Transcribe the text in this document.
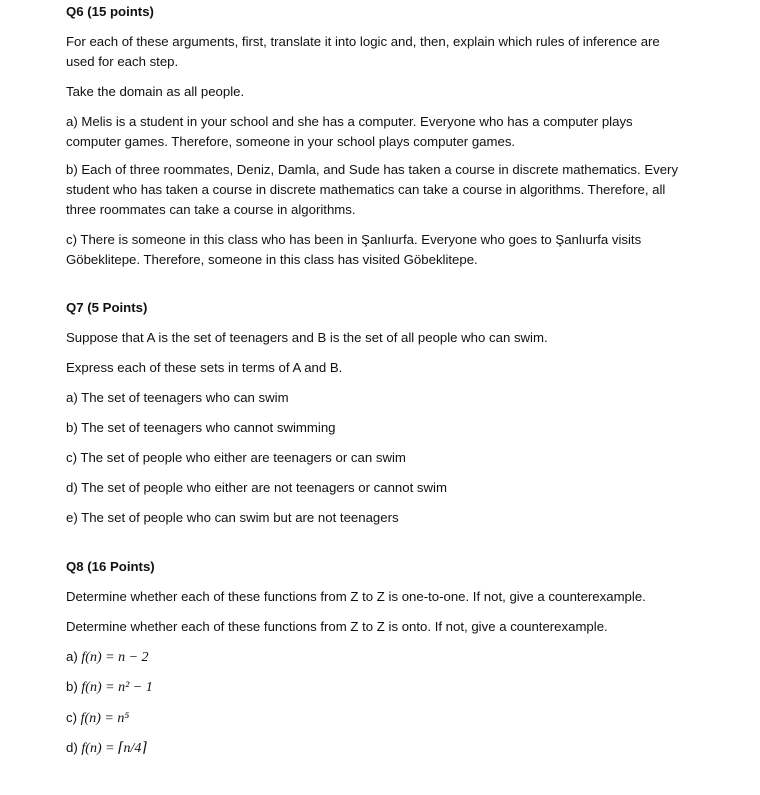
Q6 (15 points)
For each of these arguments, first, translate it into logic and, then, explain which rules of inference are used for each step.
Take the domain as all people.
a) Melis is a student in your school and she has a computer. Everyone who has a computer plays computer games. Therefore, someone in your school plays computer games.
b) Each of three roommates, Deniz, Damla, and Sude has taken a course in discrete mathematics. Every student who has taken a course in discrete mathematics can take a course in algorithms. Therefore, all three roommates can take a course in algorithms.
c) There is someone in this class who has been in Şanlıurfa. Everyone who goes to Şanlıurfa visits Göbeklitepe. Therefore, someone in this class has visited Göbeklitepe.
Q7 (5 Points)
Suppose that A is the set of teenagers and B is the set of all people who can swim.
Express each of these sets in terms of A and B.
a) The set of teenagers who can swim
b) The set of teenagers who cannot swimming
c) The set of people who either are teenagers or can swim
d) The set of people who either are not teenagers or cannot swim
e) The set of people who can swim but are not teenagers
Q8 (16 Points)
Determine whether each of these functions from Z to Z is one-to-one. If not, give a counterexample.
Determine whether each of these functions from Z to Z is onto. If not, give a counterexample.
a) f(n) = n − 2
b) f(n) = n² − 1
c) f(n) = n⁵
d) f(n) = ⌈n/4⌉
